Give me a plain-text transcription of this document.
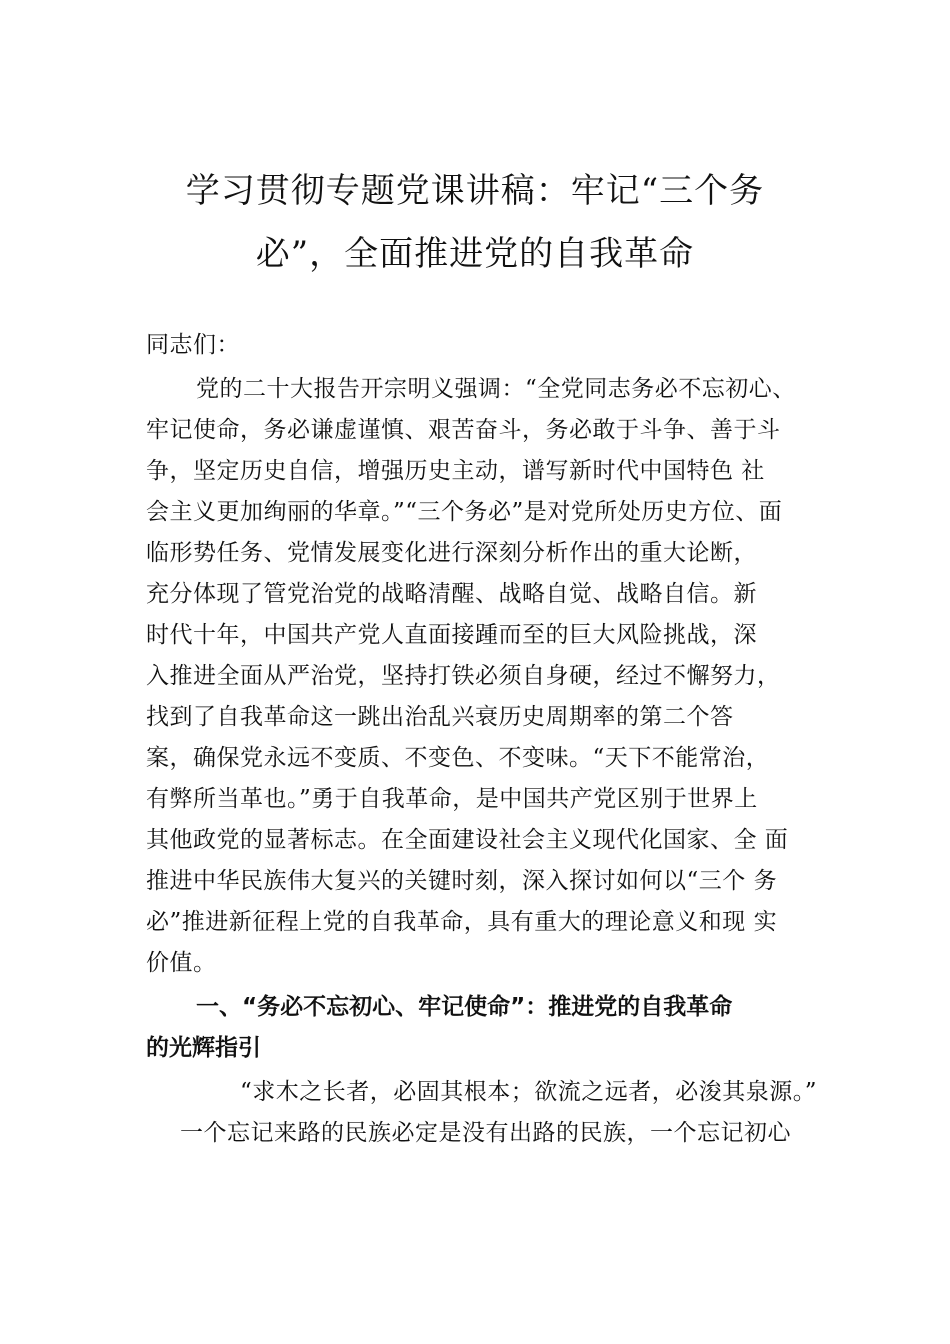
学习贯彻专题党课讲稿：牢记“三个务
必”，全面推进党的自我革命
同志们：
党的二十大报告开宗明义强调：“全党同志务必不忘初心、
牢记使命，务必谦虚谨慎、艰苦奋斗，务必敢于斗争、善于斗
争，坚定历史自信，增强历史主动，谱写新时代中国特色 社
会主义更加绚丽的华章。”“三个务必”是对党所处历史方位、面
临形势任务、党情发展变化进行深刻分析作出的重大论断，
充分体现了管党治党的战略清醒、战略自觉、战略自信。新
时代十年，中国共产党人直面接踵而至的巨大风险挑战，深
入推进全面从严治党，坚持打铁必须自身硬，经过不懈努力，
找到了自我革命这一跳出治乱兴衰历史周期率的第二个答
案，确保党永远不变质、不变色、不变味。“天下不能常治，
有弊所当革也。”勇于自我革命，是中国共产党区别于世界上
其他政党的显著标志。在全面建设社会主义现代化国家、全 面
推进中华民族伟大复兴的关键时刻，深入探讨如何以“三个 务
必”推进新征程上党的自我革命，具有重大的理论意义和现 实
价值。
一、“务必不忘初心、牢记使命”：推进党的自我革命
的光辉指引
“求木之长者，必固其根本；欲流之远者，必浚其泉源。”
一个忘记来路的民族必定是没有出路的民族，一个忘记初心
